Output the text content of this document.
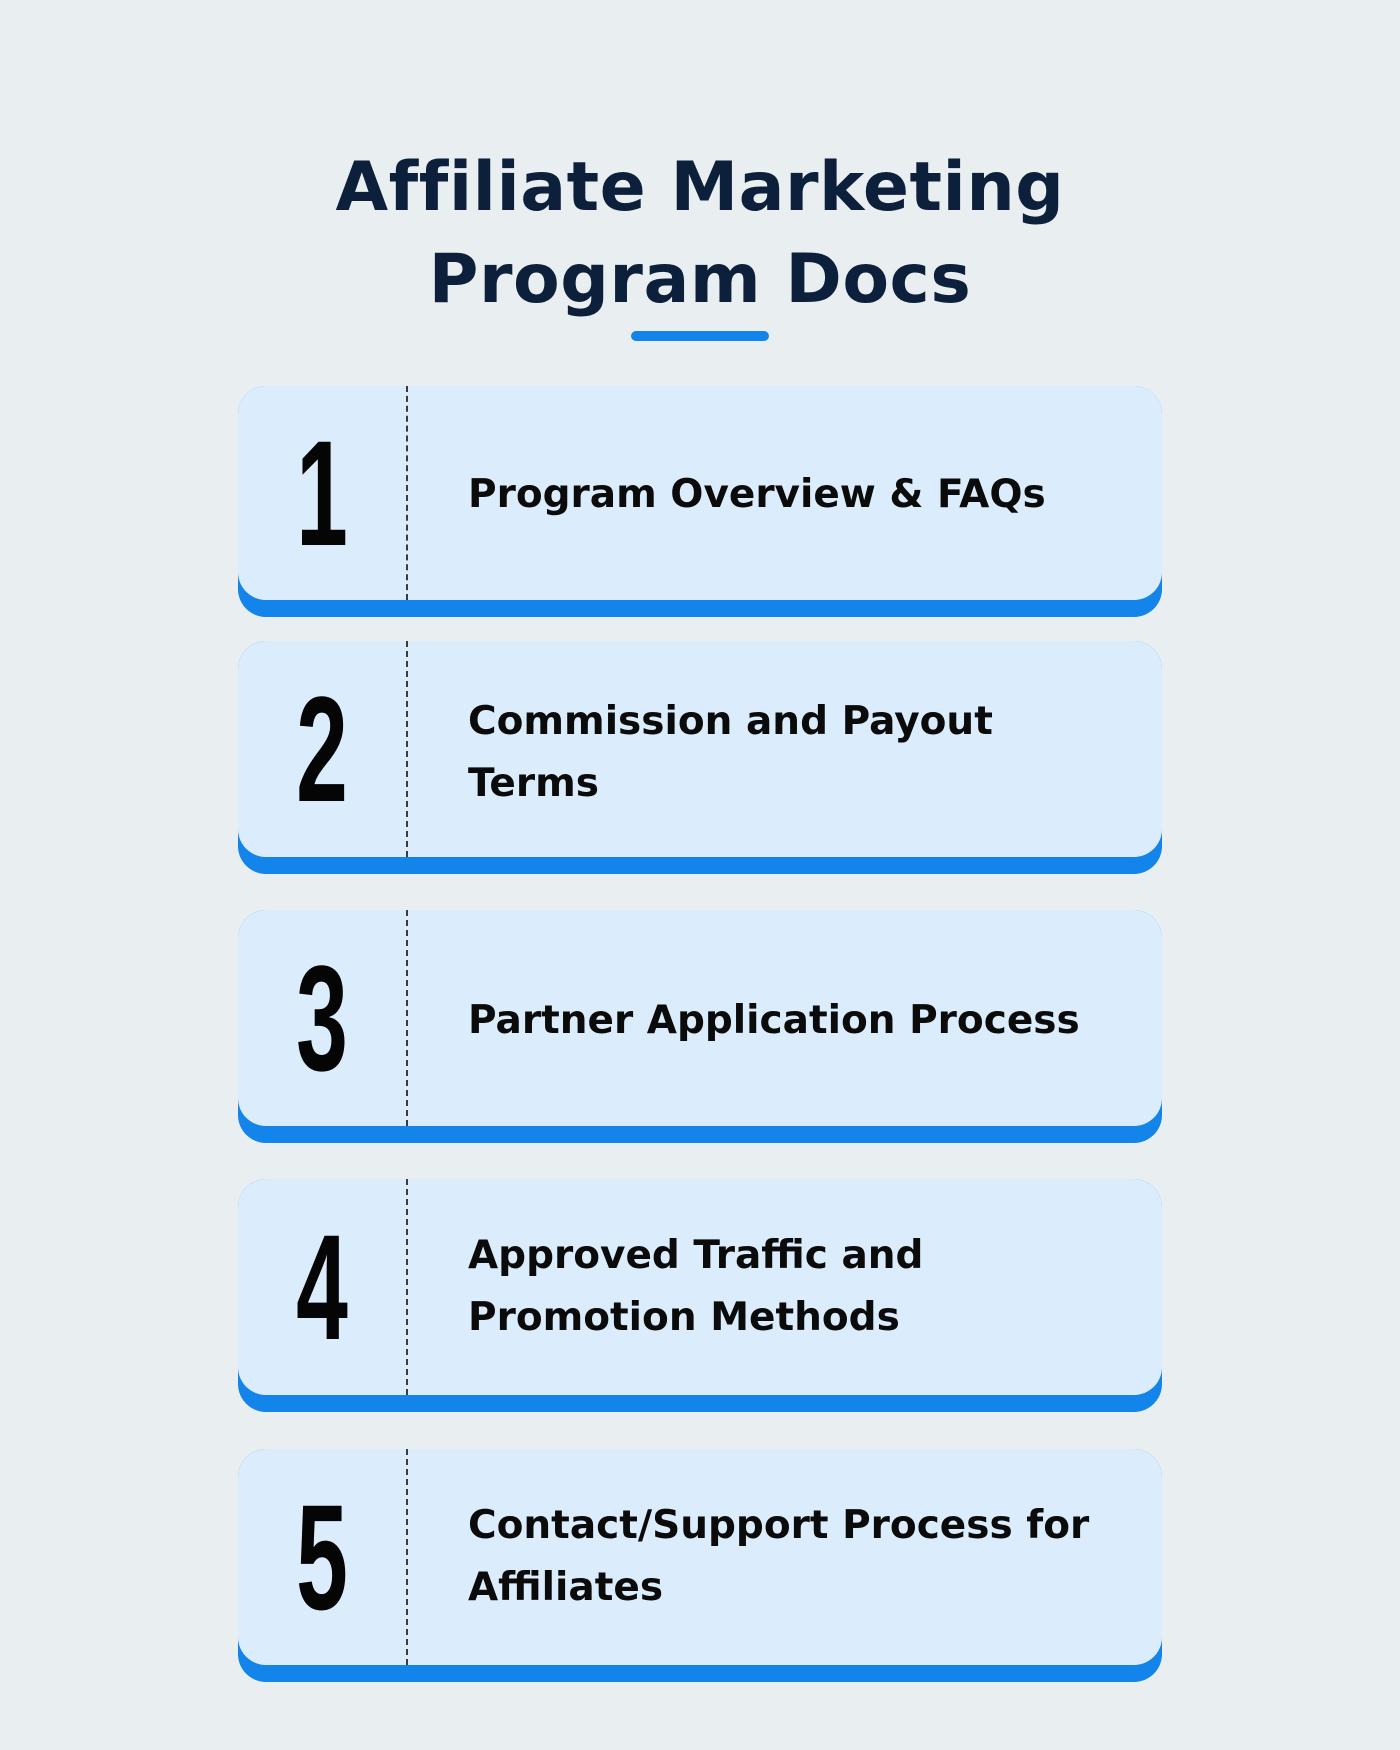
Affiliate Marketing
Program Docs
1	Program Overview & FAQs
2	Commission and Payout Terms
3	Partner Application Process
4	Approved Traffic and Promotion Methods
5	Contact/Support Process for Affiliates
